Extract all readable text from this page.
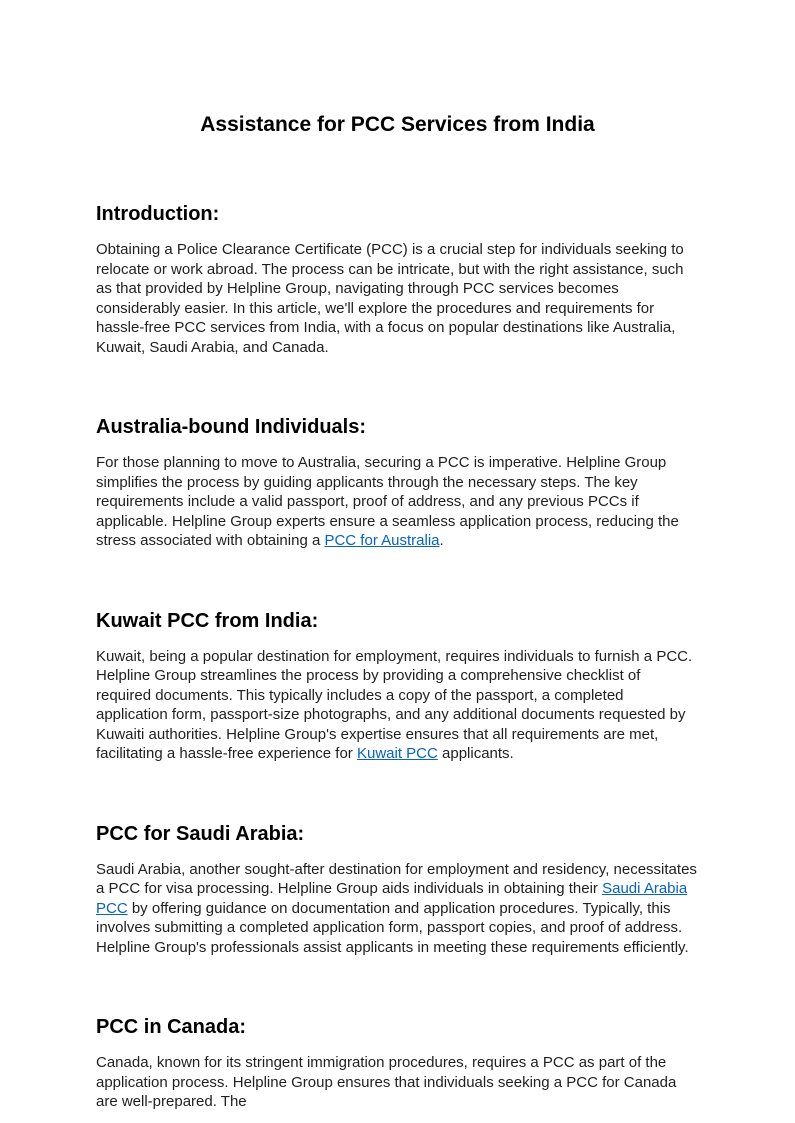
Assistance for PCC Services from India
Introduction:

Obtaining a Police Clearance Certificate (PCC) is a crucial step for individuals seeking to relocate or work abroad. The process can be intricate, but with the right assistance, such as that provided by Helpline Group, navigating through PCC services becomes considerably easier. In this article, we'll explore the procedures and requirements for hassle-free PCC services from India, with a focus on popular destinations like Australia, Kuwait, Saudi Arabia, and Canada.

Australia-bound Individuals:

For those planning to move to Australia, securing a PCC is imperative. Helpline Group simplifies the process by guiding applicants through the necessary steps. The key requirements include a valid passport, proof of address, and any previous PCCs if applicable. Helpline Group experts ensure a seamless application process, reducing the stress associated with obtaining a PCC for Australia.

Kuwait PCC from India:

Kuwait, being a popular destination for employment, requires individuals to furnish a PCC. Helpline Group streamlines the process by providing a comprehensive checklist of required documents. This typically includes a copy of the passport, a completed application form, passport-size photographs, and any additional documents requested by Kuwaiti authorities. Helpline Group's expertise ensures that all requirements are met, facilitating a hassle-free experience for Kuwait PCC applicants.

PCC for Saudi Arabia:

Saudi Arabia, another sought-after destination for employment and residency, necessitates a PCC for visa processing. Helpline Group aids individuals in obtaining their Saudi Arabia PCC by offering guidance on documentation and application procedures. Typically, this involves submitting a completed application form, passport copies, and proof of address. Helpline Group's professionals assist applicants in meeting these requirements efficiently.

PCC in Canada:

Canada, known for its stringent immigration procedures, requires a PCC as part of the application process. Helpline Group ensures that individuals seeking a PCC for Canada are well-prepared. The
